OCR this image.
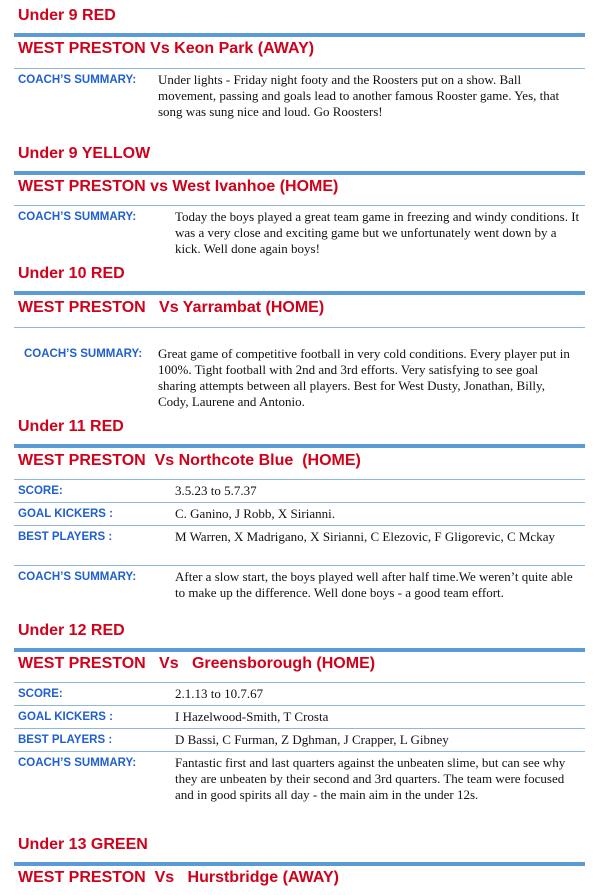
Under 9 RED
WEST PRESTON Vs Keon Park (AWAY)
COACH’S SUMMARY: Under lights - Friday night footy and the Roosters put on a show. Ball movement, passing and goals lead to another famous Rooster game. Yes, that song was sung nice and loud. Go Roosters!
Under 9 YELLOW
WEST PRESTON vs West Ivanhoe (HOME)
COACH’S SUMMARY:	Today the boys played a great team game in freezing and windy conditions. It was a very close and exciting game but we unfortunately went down by a kick. Well done again boys!
Under 10 RED
WEST PRESTON   Vs Yarrambat (HOME)
COACH’S SUMMARY: Great game of competitive football in very cold conditions. Every player put in 100%. Tight football with 2nd and 3rd efforts. Very satisfying to see goal sharing attempts between all players. Best for West Dusty, Jonathan, Billy, Cody, Laurene and Antonio.
Under 11 RED
WEST PRESTON  Vs Northcote Blue  (HOME)
SCORE:	3.5.23 to 5.7.37
GOAL KICKERS :	C. Ganino, J Robb, X Sirianni.
BEST PLAYERS :	M Warren, X Madrigano, X Sirianni, C Elezovic, F Gligorevic, C Mckay
COACH’S SUMMARY:	After a slow start, the boys played well after half time.We weren’t quite able to make up the difference. Well done boys - a good team effort.
Under 12 RED
WEST PRESTON   Vs   Greensborough (HOME)
SCORE:	2.1.13 to 10.7.67
GOAL KICKERS :	I Hazelwood-Smith, T Crosta
BEST PLAYERS :	D Bassi, C Furman, Z Dghman, J Crapper, L Gibney
COACH’S SUMMARY:	Fantastic first and last quarters against the unbeaten slime, but can see why they are unbeaten by their second and 3rd quarters. The team were focused and in good spirits all day - the main aim in the under 12s.
Under 13 GREEN
WEST PRESTON  Vs   Hurstbridge (AWAY)
